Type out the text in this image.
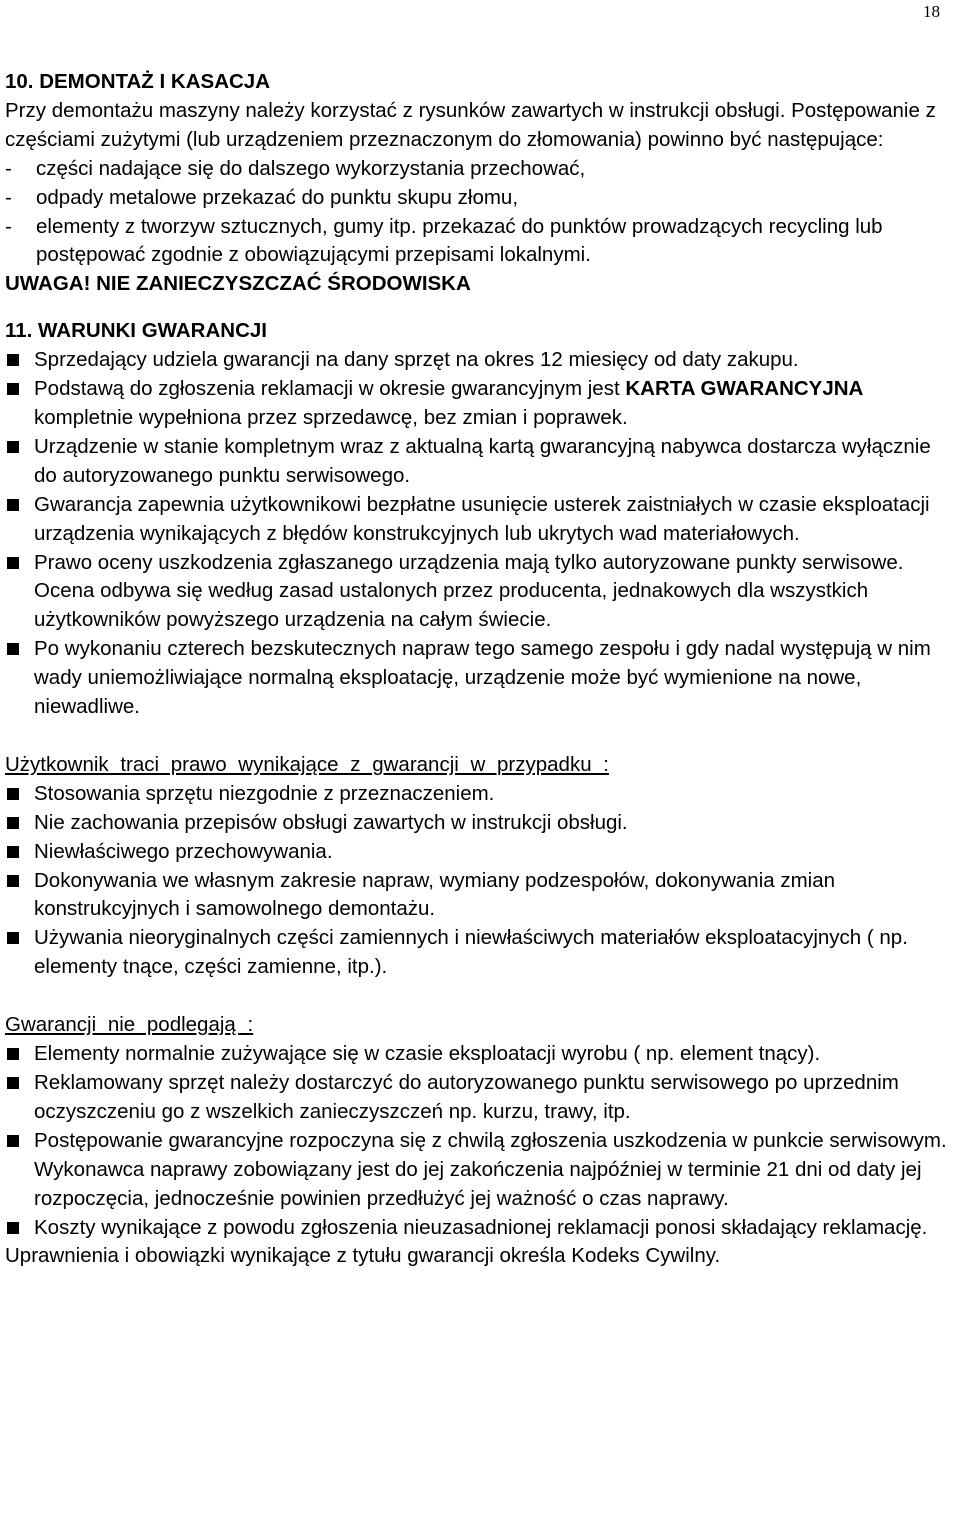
18

10. DEMONTAŻ I KASACJA

Przy demontażu maszyny należy korzystać z rysunków zawartych w instrukcji obsługi. Postępowanie z częściami zużytymi (lub urządzeniem przeznaczonym do złomowania) powinno być następujące:

-	części nadające się do dalszego wykorzystania przechować,
-	odpady metalowe przekazać do punktu skupu złomu,
-	elementy z tworzyw sztucznych, gumy itp. przekazać do punktów prowadzących recycling lub postępować zgodnie z obowiązującymi przepisami lokalnymi.

UWAGA! NIE ZANIECZYSZCZAĆ ŚRODOWISKA

11. WARUNKI GWARANCJI

Sprzedający udziela gwarancji na dany sprzęt na okres 12 miesięcy od daty zakupu.
Podstawą do zgłoszenia reklamacji w okresie gwarancyjnym jest KARTA GWARANCYJNA kompletnie wypełniona przez sprzedawcę, bez zmian i poprawek.
Urządzenie w stanie kompletnym wraz z aktualną kartą gwarancyjną nabywca dostarcza wyłącznie do autoryzowanego punktu serwisowego.
Gwarancja zapewnia użytkownikowi bezpłatne usunięcie usterek zaistniałych w czasie eksploatacji urządzenia wynikających z błędów konstrukcyjnych lub ukrytych wad materiałowych.
Prawo oceny uszkodzenia zgłaszanego urządzenia mają tylko autoryzowane punkty serwisowe. Ocena odbywa się według zasad ustalonych przez producenta, jednakowych dla wszystkich użytkowników powyższego urządzenia na całym świecie.
Po wykonaniu czterech bezskutecznych napraw tego samego zespołu i gdy nadal występują w nim wady uniemożliwiające normalną eksploatację, urządzenie może być wymienione na nowe, niewadliwe.

Użytkownik traci prawo wynikające z gwarancji w przypadku :

Stosowania sprzętu niezgodnie z przeznaczeniem.
Nie zachowania przepisów obsługi zawartych w instrukcji obsługi.
Niewłaściwego przechowywania.
Dokonywania we własnym zakresie napraw, wymiany podzespołów, dokonywania zmian konstrukcyjnych i samowolnego demontażu.
Używania nieoryginalnych części zamiennych i niewłaściwych materiałów eksploatacyjnych ( np. elementy tnące, części zamienne, itp.).

Gwarancji nie podlegają :

Elementy normalnie zużywające się w czasie eksploatacji wyrobu ( np. element tnący).
Reklamowany sprzęt należy dostarczyć do autoryzowanego punktu serwisowego po uprzednim oczyszczeniu go z wszelkich zanieczyszczeń np. kurzu, trawy, itp.
Postępowanie gwarancyjne rozpoczyna się z chwilą zgłoszenia uszkodzenia w punkcie serwisowym. Wykonawca naprawy zobowiązany jest do jej zakończenia najpóźniej w terminie 21 dni od daty jej rozpoczęcia, jednocześnie powinien przedłużyć jej ważność o czas naprawy.
Koszty wynikające z powodu zgłoszenia nieuzasadnionej reklamacji ponosi składający reklamację.

Uprawnienia i obowiązki wynikające z tytułu gwarancji określa Kodeks Cywilny.
